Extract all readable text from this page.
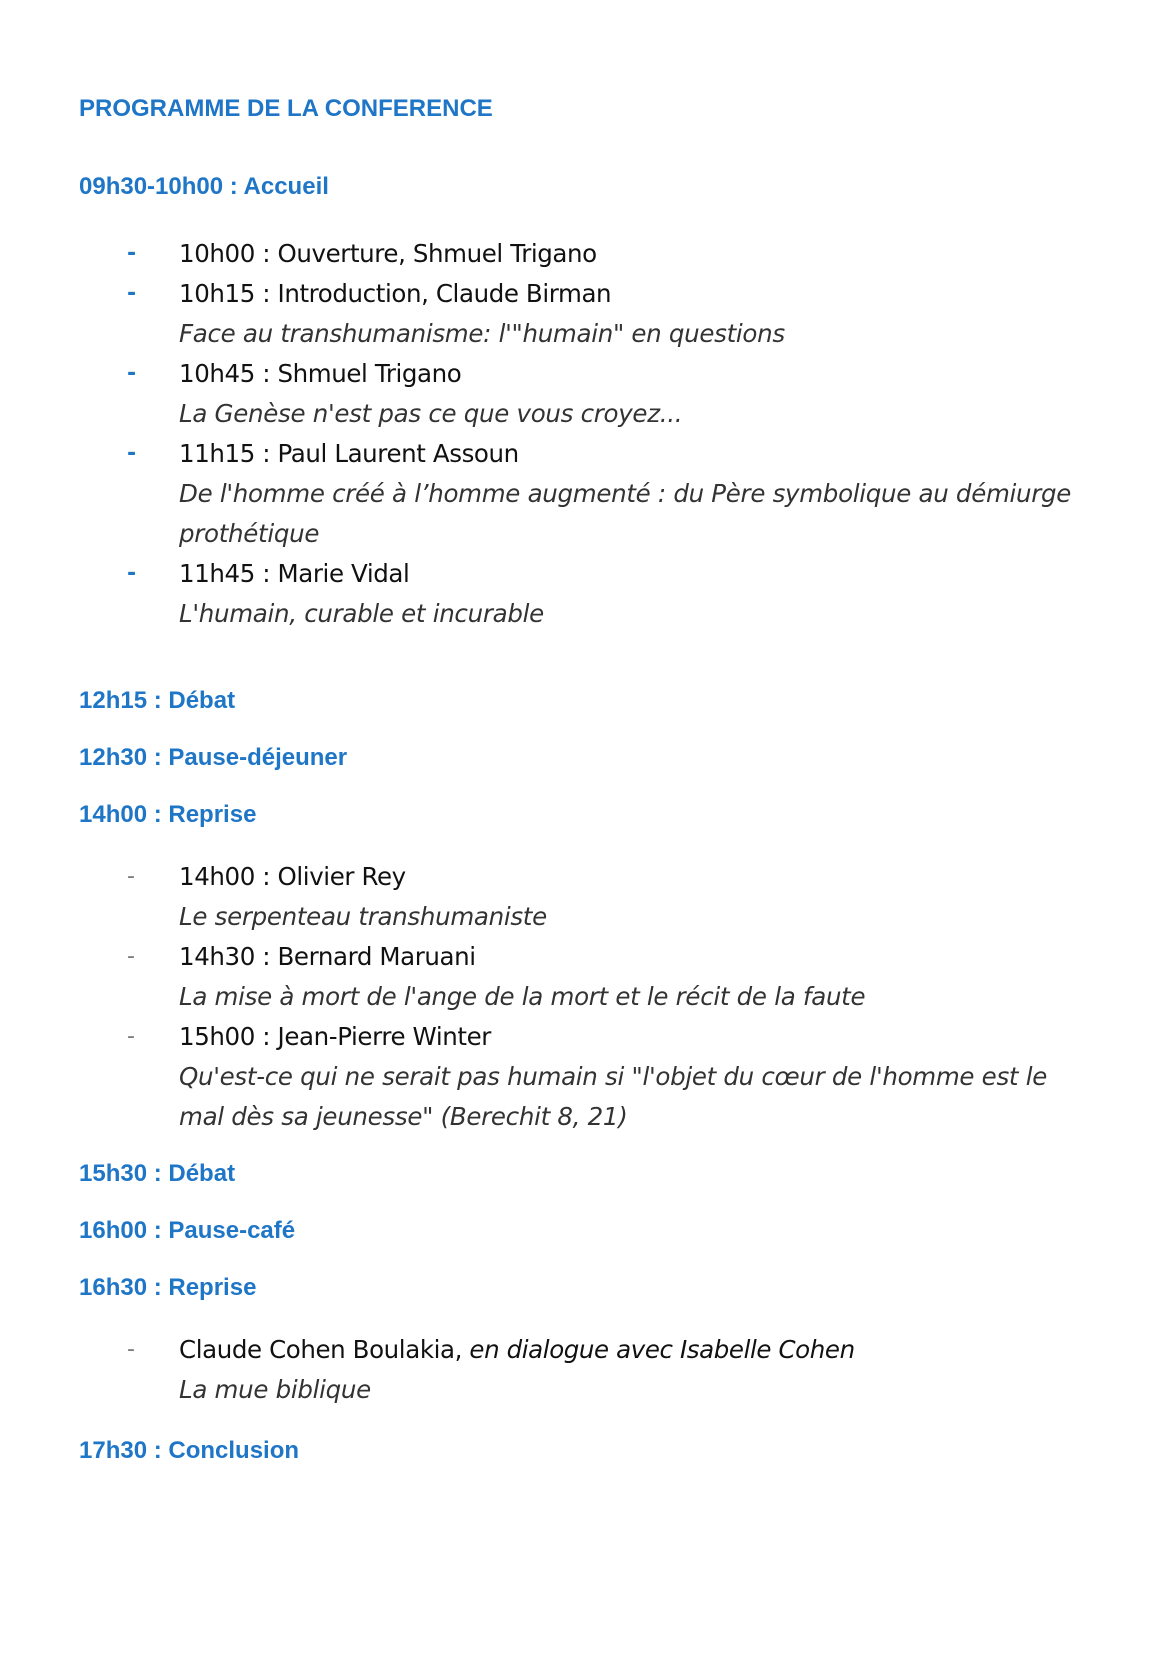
PROGRAMME DE LA CONFERENCE
09h30-10h00 : Accueil
- 10h00 : Ouverture, Shmuel Trigano
- 10h15 : Introduction, Claude Birman
Face au transhumanisme: l'"humain" en questions
- 10h45 : Shmuel Trigano
La Genèse n'est pas ce que vous croyez...
- 11h15 : Paul Laurent Assoun
De l'homme créé à l’homme augmenté : du Père symbolique au démiurge
prothétique
- 11h45 : Marie Vidal
L'humain, curable et incurable
12h15 : Débat
12h30 : Pause-déjeuner
14h00 : Reprise
- 14h00 : Olivier Rey
Le serpenteau transhumaniste
- 14h30 : Bernard Maruani
La mise à mort de l'ange de la mort et le récit de la faute
- 15h00 : Jean-Pierre Winter
Qu'est-ce qui ne serait pas humain si "l'objet du cœur de l'homme est le
mal dès sa jeunesse" (Berechit 8, 21)
15h30 : Débat
16h00 : Pause-café
16h30 : Reprise
- Claude Cohen Boulakia, en dialogue avec Isabelle Cohen
La mue biblique
17h30 : Conclusion
